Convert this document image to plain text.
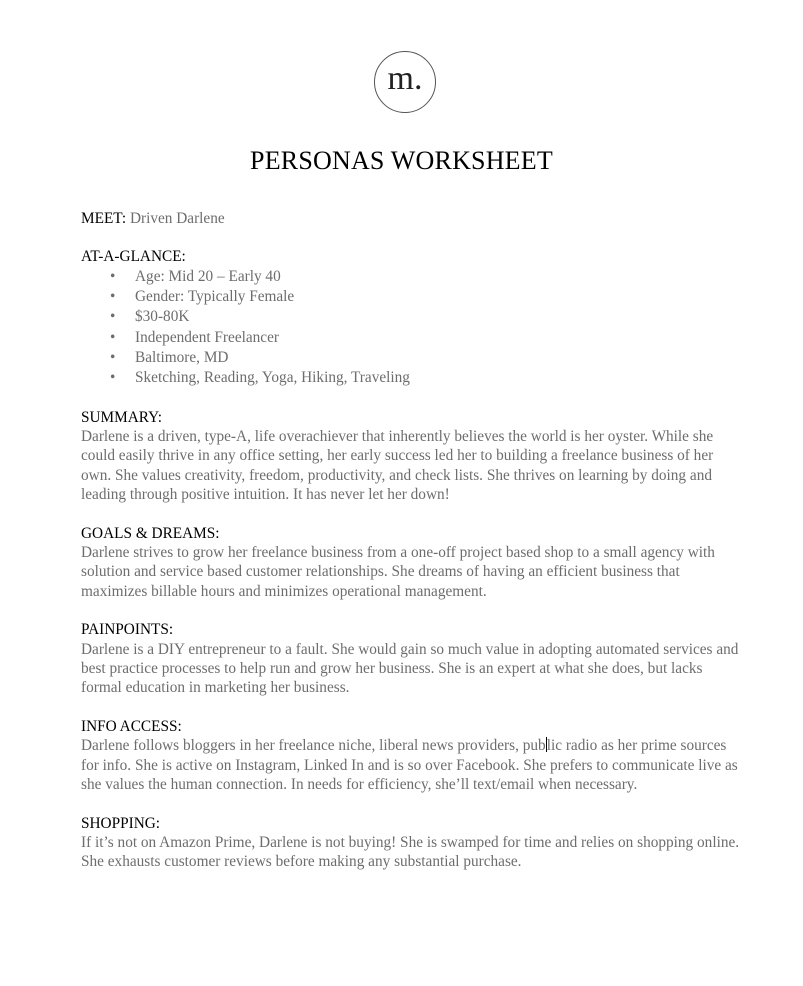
m.
PERSONAS WORKSHEET
MEET: Driven Darlene
AT-A-GLANCE:
• Age: Mid 20 – Early 40
• Gender: Typically Female
• $30-80K
• Independent Freelancer
• Baltimore, MD
• Sketching, Reading, Yoga, Hiking, Traveling
SUMMARY:
Darlene is a driven, type-A, life overachiever that inherently believes the world is her oyster. While she could easily thrive in any office setting, her early success led her to building a freelance business of her own. She values creativity, freedom, productivity, and check lists. She thrives on learning by doing and leading through positive intuition. It has never let her down!
GOALS & DREAMS:
Darlene strives to grow her freelance business from a one-off project based shop to a small agency with solution and service based customer relationships. She dreams of having an efficient business that maximizes billable hours and minimizes operational management.
PAINPOINTS:
Darlene is a DIY entrepreneur to a fault. She would gain so much value in adopting automated services and best practice processes to help run and grow her business. She is an expert at what she does, but lacks formal education in marketing her business.
INFO ACCESS:
Darlene follows bloggers in her freelance niche, liberal news providers, public radio as her prime sources for info. She is active on Instagram, Linked In and is so over Facebook. She prefers to communicate live as she values the human connection. In needs for efficiency, she’ll text/email when necessary.
SHOPPING:
If it’s not on Amazon Prime, Darlene is not buying! She is swamped for time and relies on shopping online. She exhausts customer reviews before making any substantial purchase.
